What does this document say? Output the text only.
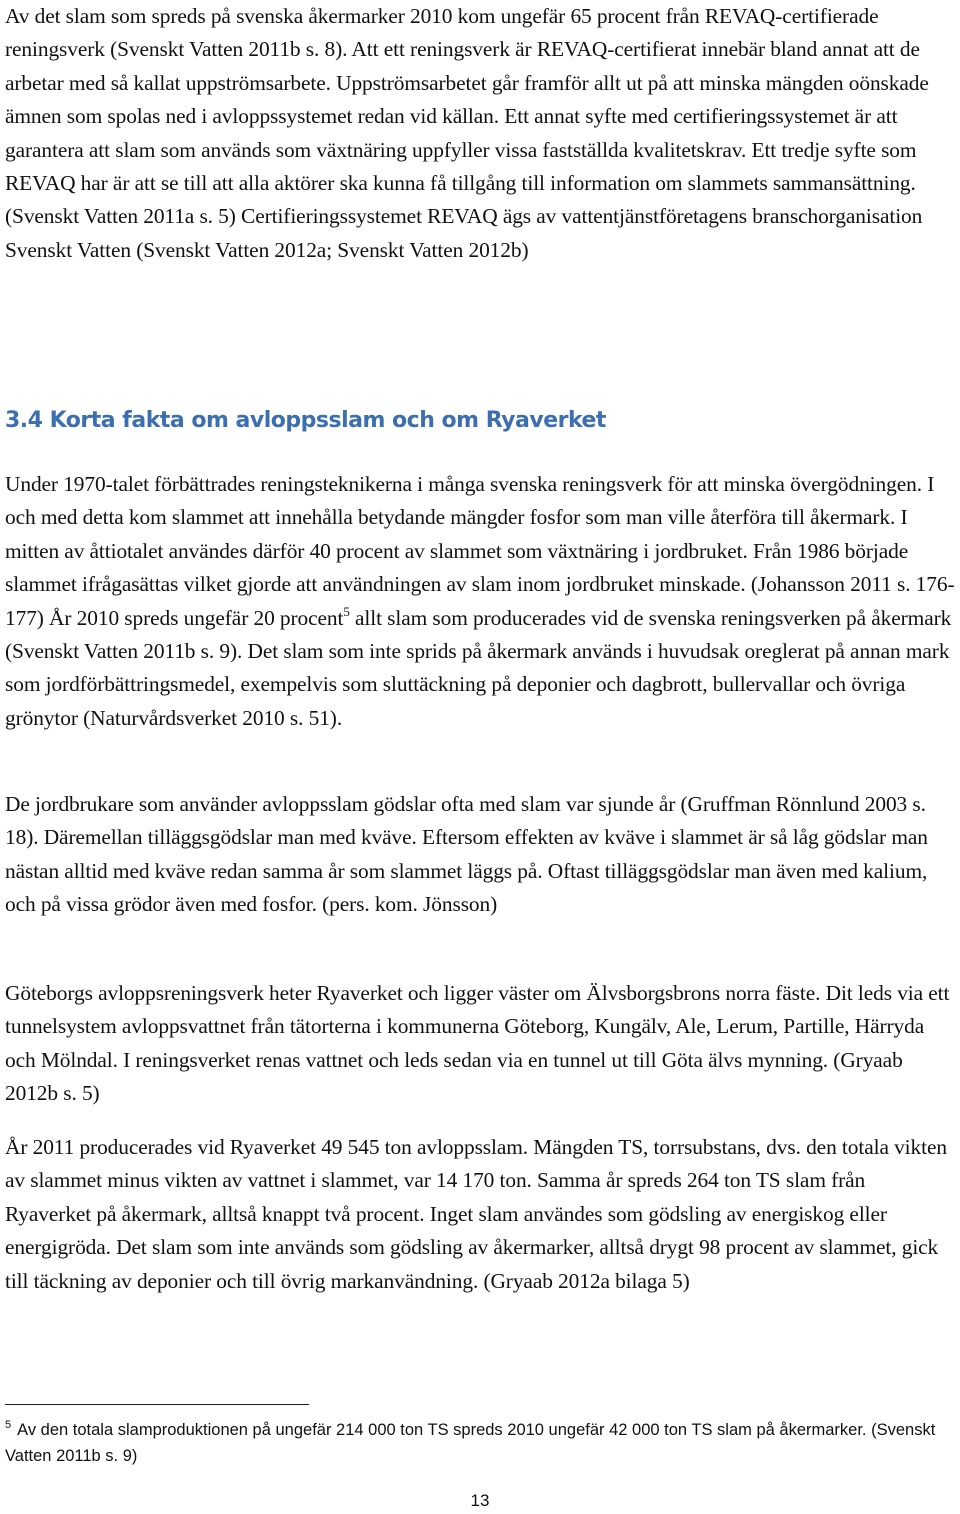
Av det slam som spreds på svenska åkermarker 2010 kom ungefär 65 procent från REVAQ-certifierade reningsverk (Svenskt Vatten 2011b s. 8). Att ett reningsverk är REVAQ-certifierat innebär bland annat att de arbetar med så kallat uppströmsarbete. Uppströmsarbetet går framför allt ut på att minska mängden oönskade ämnen som spolas ned i avloppssystemet redan vid källan. Ett annat syfte med certifieringssystemet är att garantera att slam som används som växtnäring uppfyller vissa fastställda kvalitetskrav. Ett tredje syfte som REVAQ har är att se till att alla aktörer ska kunna få tillgång till information om slammets sammansättning. (Svenskt Vatten 2011a s. 5) Certifieringssystemet REVAQ ägs av vattentjänstföretagens branschorganisation Svenskt Vatten (Svenskt Vatten 2012a; Svenskt Vatten 2012b)

3.4 Korta fakta om avloppsslam och om Ryaverket

Under 1970-talet förbättrades reningsteknikerna i många svenska reningsverk för att minska övergödningen. I och med detta kom slammet att innehålla betydande mängder fosfor som man ville återföra till åkermark. I mitten av åttiotalet användes därför 40 procent av slammet som växtnäring i jordbruket. Från 1986 började slammet ifrågasättas vilket gjorde att användningen av slam inom jordbruket minskade. (Johansson 2011 s. 176-177) År 2010 spreds ungefär 20 procent$^5$ allt slam som producerades vid de svenska reningsverken på åkermark (Svenskt Vatten 2011b s. 9). Det slam som inte sprids på åkermark används i huvudsak oreglerat på annan mark som jordförbättringsmedel, exempelvis som sluttäckning på deponier och dagbrott, bullervallar och övriga grönytor (Naturvårdsverket 2010 s. 51).

De jordbrukare som använder avloppsslam gödslar ofta med slam var sjunde år (Gruffman Rönnlund 2003 s. 18). Däremellan tilläggsgödslar man med kväve. Eftersom effekten av kväve i slammet är så låg gödslar man nästan alltid med kväve redan samma år som slammet läggs på. Oftast tilläggsgödslar man även med kalium, och på vissa grödor även med fosfor. (pers. kom. Jönsson)

Göteborgs avloppsreningsverk heter Ryaverket och ligger väster om Älvsborgsbrons norra fäste. Dit leds via ett tunnelsystem avloppsvattnet från tätorterna i kommunerna Göteborg, Kungälv, Ale, Lerum, Partille, Härryda och Mölndal. I reningsverket renas vattnet och leds sedan via en tunnel ut till Göta älvs mynning. (Gryaab 2012b s. 5)

År 2011 producerades vid Ryaverket 49 545 ton avloppsslam. Mängden TS, torrsubstans, dvs. den totala vikten av slammet minus vikten av vattnet i slammet, var 14 170 ton. Samma år spreds 264 ton TS slam från Ryaverket på åkermark, alltså knappt två procent. Inget slam användes som gödsling av energiskog eller energigröda. Det slam som inte används som gödsling av åkermarker, alltså drygt 98 procent av slammet, gick till täckning av deponier och till övrig markanvändning. (Gryaab 2012a bilaga 5)

$^5$ Av den totala slamproduktionen på ungefär 214 000 ton TS spreds 2010 ungefär 42 000 ton TS slam på åkermarker. (Svenskt Vatten 2011b s. 9)

13
